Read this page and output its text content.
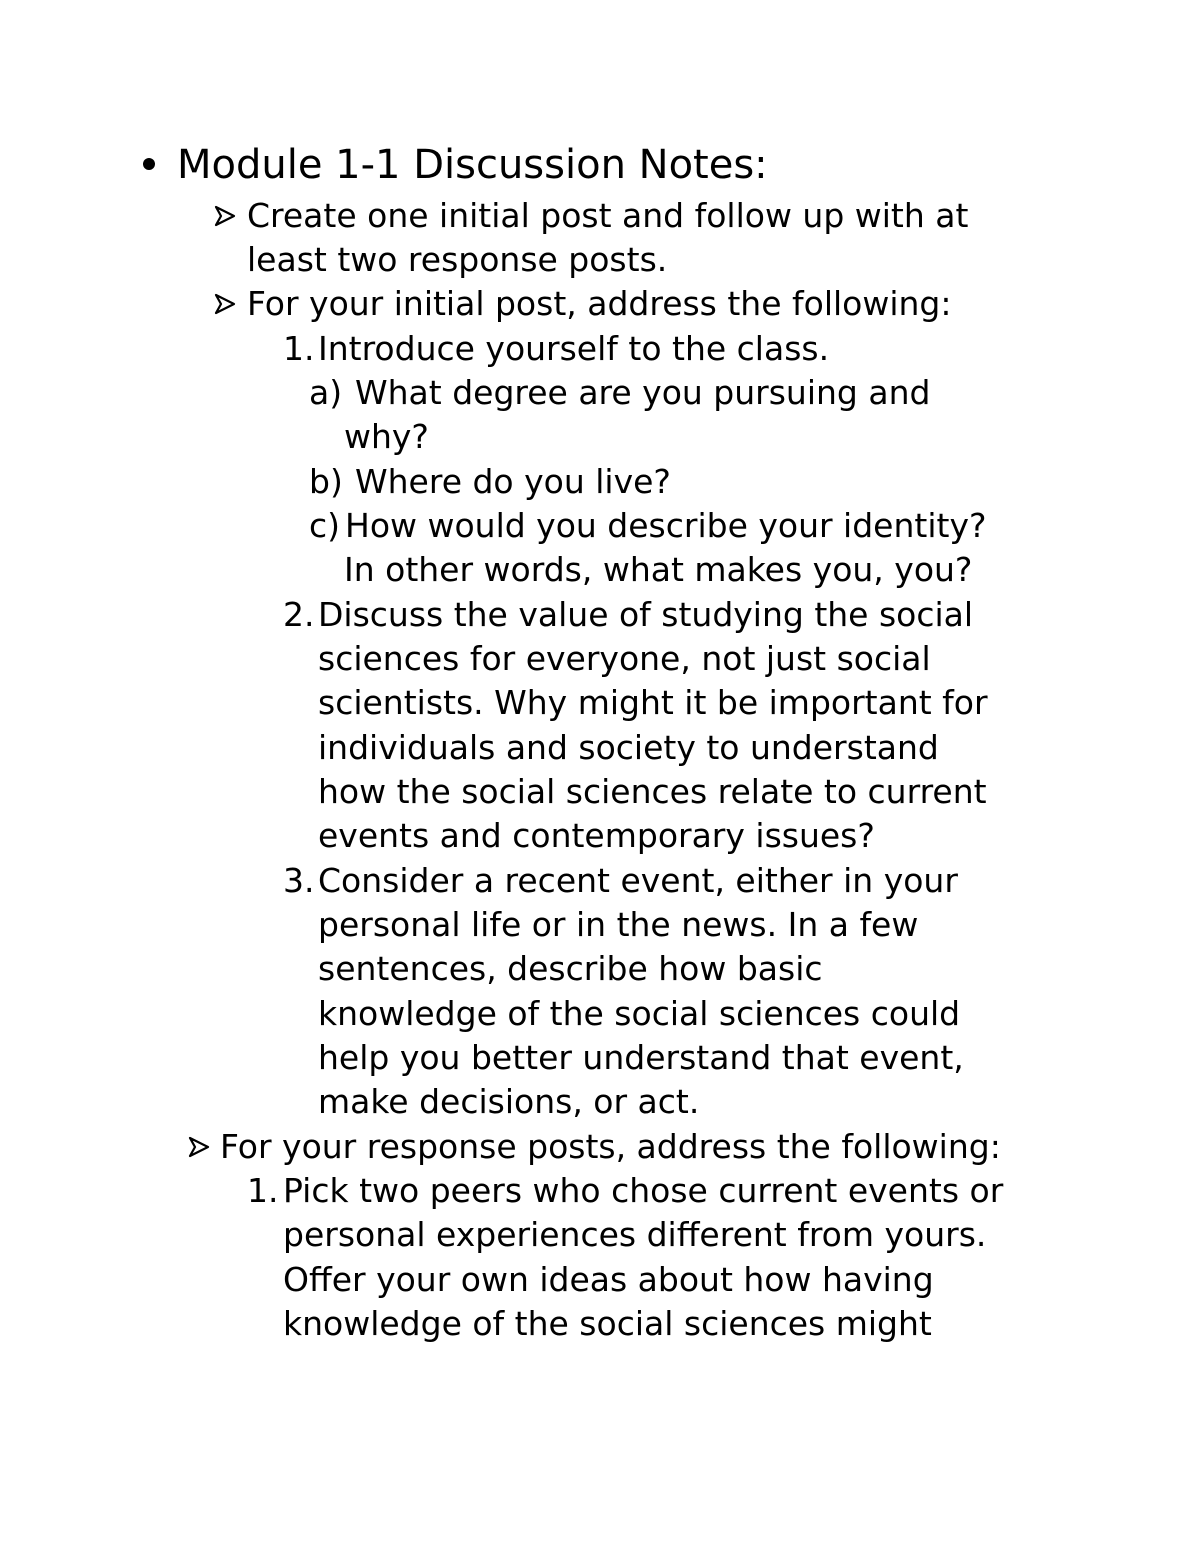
Module 1-1 Discussion Notes:
Create one initial post and follow up with at
least two response posts.
For your initial post, address the following:
1. Introduce yourself to the class.
a) What degree are you pursuing and
why?
b) Where do you live?
c) How would you describe your identity?
In other words, what makes you, you?
2. Discuss the value of studying the social
sciences for everyone, not just social
scientists. Why might it be important for
individuals and society to understand
how the social sciences relate to current
events and contemporary issues?
3. Consider a recent event, either in your
personal life or in the news. In a few
sentences, describe how basic
knowledge of the social sciences could
help you better understand that event,
make decisions, or act.
For your response posts, address the following:
1. Pick two peers who chose current events or
personal experiences different from yours.
Offer your own ideas about how having
knowledge of the social sciences might
